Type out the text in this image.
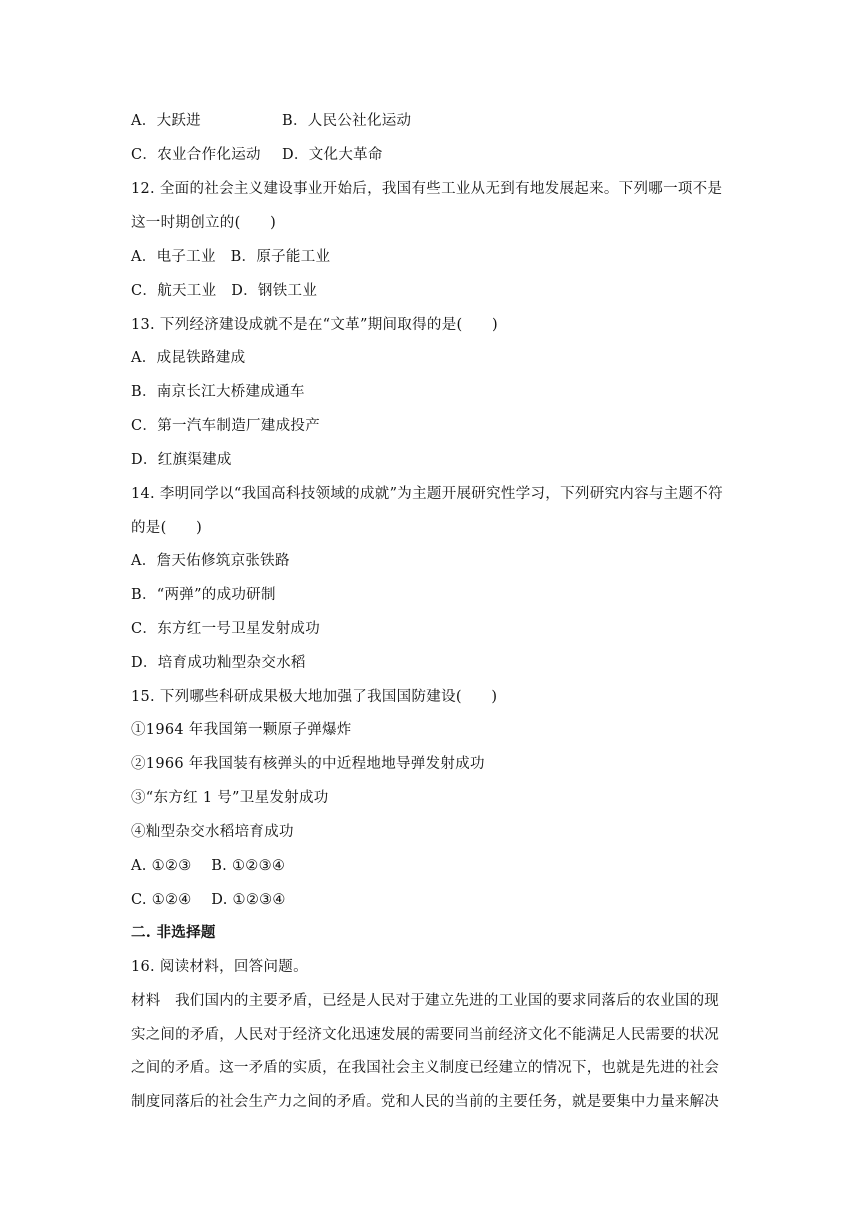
A．大跃进	B．人民公社化运动
C．农业合作化运动 D．文化大革命
12. 全面的社会主义建设事业开始后，我国有些工业从无到有地发展起来。下列哪一项不是
这一时期创立的(　　)
A．电子工业　B．原子能工业
C．航天工业　D．钢铁工业
13. 下列经济建设成就不是在“文革”期间取得的是(　　)
A．成昆铁路建成
B．南京长江大桥建成通车
C．第一汽车制造厂建成投产
D．红旗渠建成
14. 李明同学以“我国高科技领域的成就”为主题开展研究性学习，下列研究内容与主题不符
的是(　　)
A．詹天佑修筑京张铁路
B．“两弹”的成功研制
C．东方红一号卫星发射成功
D．培育成功籼型杂交水稻
15. 下列哪些科研成果极大地加强了我国国防建设(　　)
①1964 年我国第一颗原子弹爆炸
②1966 年我国装有核弹头的中近程地地导弹发射成功
③“东方红 1 号”卫星发射成功
④籼型杂交水稻培育成功
A. ①②③　 B. ①②③④
C. ①②④　 D. ①②③④
二. 非选择题
16. 阅读材料，回答问题。
材料　我们国内的主要矛盾，已经是人民对于建立先进的工业国的要求同落后的农业国的现
实之间的矛盾，人民对于经济文化迅速发展的需要同当前经济文化不能满足人民需要的状况
之间的矛盾。这一矛盾的实质，在我国社会主义制度已经建立的情况下，也就是先进的社会
制度同落后的社会生产力之间的矛盾。党和人民的当前的主要任务，就是要集中力量来解决
